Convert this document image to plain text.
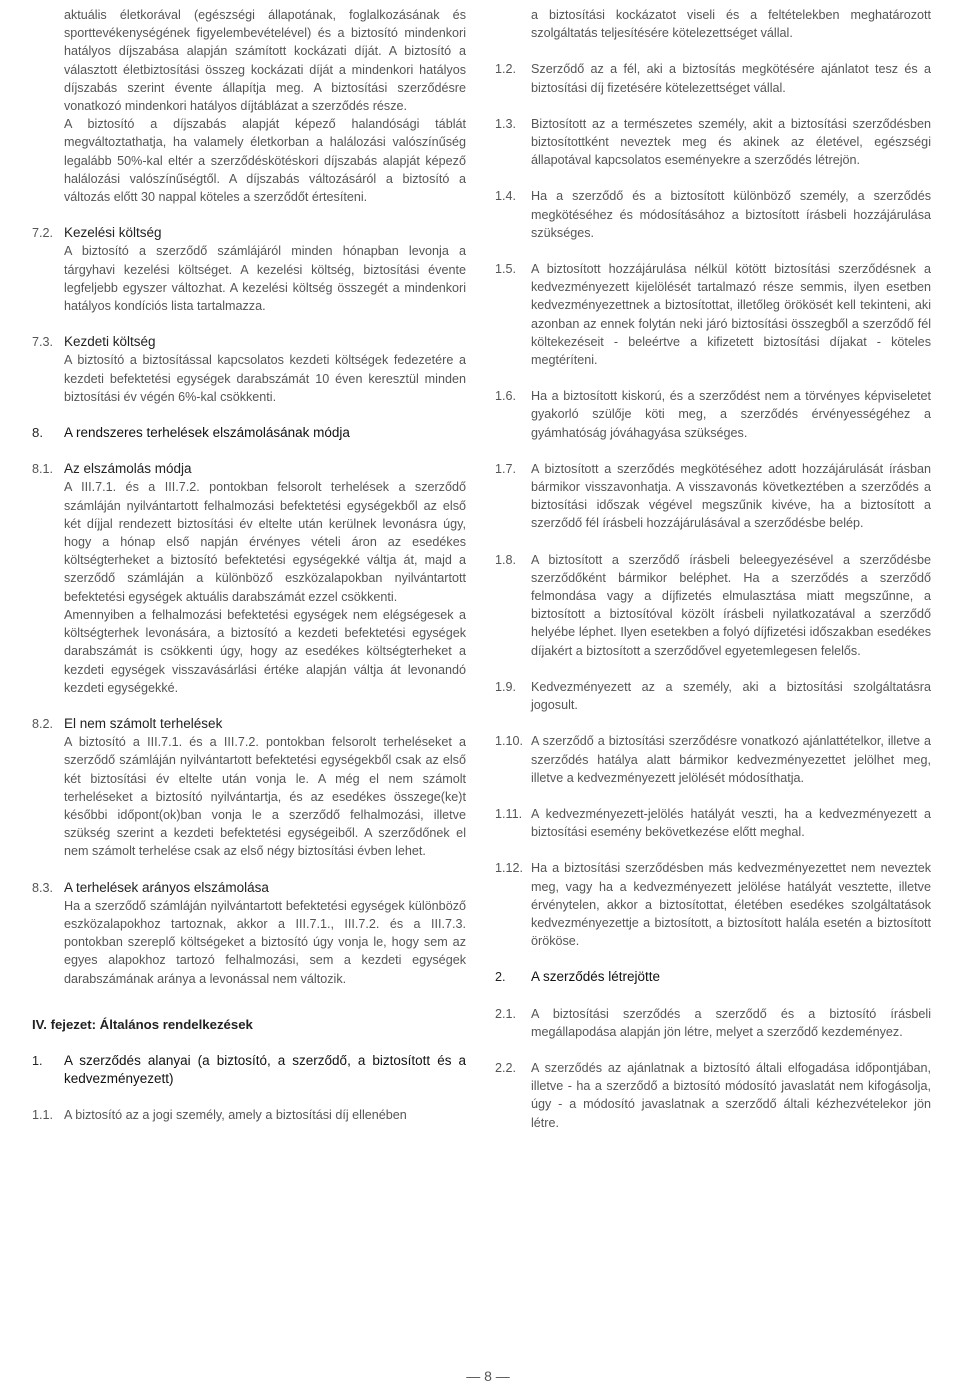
aktuális életkorával (egészségi állapotának, foglalkozásának és sporttevékenységének figyelembevételével) és a biztosító mindenkori hatályos díjszabása alapján számított kockázati díját. A biztosító a választott életbiztosítási összeg kockázati díját a mindenkori hatályos díjszabás szerint évente állapítja meg. A biztosítási szerződésre vonatkozó mindenkori hatályos díjtáblázat a szerződés része.

A biztosító a díjszabás alapját képező halandósági táblát megváltoztathatja, ha valamely életkorban a halálozási valószínűség legalább 50%-kal eltér a szerződéskötéskori díjszabás alapját képező halálozási valószínűségtől. A díjszabás változásáról a biztosító a változás előtt 30 nappal köteles a szerződőt értesíteni.

7.2. Kezelési költség

A biztosító a szerződő számlájáról minden hónapban levonja a tárgyhavi kezelési költséget. A kezelési költség, biztosítási évente legfeljebb egyszer változhat. A kezelési költség összegét a mindenkori hatályos kondíciós lista tartalmazza.

7.3. Kezdeti költség

A biztosító a biztosítással kapcsolatos kezdeti költségek fedezetére a kezdeti befektetési egységek darabszámát 10 éven keresztül minden biztosítási év végén 6%-kal csökkenti.

8.	A rendszeres terhelések elszámolásának módja

8.1. Az elszámolás módja

A III.7.1. és a III.7.2. pontokban felsorolt terhelések a szerződő számláján nyilvántartott felhalmozási befektetési egységekből az első két díjjal rendezett biztosítási év eltelte után kerülnek levonásra úgy, hogy a hónap első napján érvényes vételi áron az esedékes költségterheket a biztosító befektetési egységekké váltja át, majd a szerződő számláján a különböző eszközalapokban nyilvántartott befektetési egységek aktuális darabszámát ezzel csökkenti.

Amennyiben a felhalmozási befektetési egységek nem elégségesek a költségterhek levonására, a biztosító a kezdeti befektetési egységek darabszámát is csökkenti úgy, hogy az esedékes költségterheket a kezdeti egységek visszavásárlási értéke alapján váltja át levonandó kezdeti egységekké.

8.2. El nem számolt terhelések

A biztosító a III.7.1. és a III.7.2. pontokban felsorolt terheléseket a szerződő számláján nyilvántartott befektetési egységekből csak az első két biztosítási év eltelte után vonja le. A még el nem számolt terheléseket a biztosító nyilvántartja, és az esedékes összege(ke)t későbbi időpont(ok)ban vonja le a szerződő felhalmozási, illetve szükség szerint a kezdeti befektetési egységeiből. A szerződőnek el nem számolt terhelése csak az első négy biztosítási évben lehet.

8.3. A terhelések arányos elszámolása

Ha a szerződő számláján nyilvántartott befektetési egységek különböző eszközalapokhoz tartoznak, akkor a III.7.1., III.7.2. és a III.7.3. pontokban szereplő költségeket a biztosító úgy vonja le, hogy sem az egyes alapokhoz tartozó felhalmozási, sem a kezdeti egységek darabszámának aránya a levonással nem változik.

IV. fejezet: Általános rendelkezések

1.	A szerződés alanyai (a biztosító, a szerződő, a biztosított és a kedvezményezett)

1.1. A biztosító az a jogi személy, amely a biztosítási díj ellenében

a biztosítási kockázatot viseli és a feltételekben meghatározott szolgáltatás teljesítésére kötelezettséget vállal.

1.2.	Szerződő az a fél, aki a biztosítás megkötésére ajánlatot tesz és a biztosítási díj fizetésére kötelezettséget vállal.

1.3.	Biztosított az a természetes személy, akit a biztosítási szerződésben biztosítottként neveztek meg és akinek az életével, egészségi állapotával kapcsolatos eseményekre a szerződés létrejön.

1.4.	Ha a szerződő és a biztosított különböző személy, a szerződés megkötéséhez és módosításához a biztosított írásbeli hozzájárulása szükséges.

1.5.	A biztosított hozzájárulása nélkül kötött biztosítási szerződésnek a kedvezményezett kijelölését tartalmazó része semmis, ilyen esetben kedvezményezettnek a biztosítottat, illetőleg örökösét kell tekinteni, aki azonban az ennek folytán neki járó biztosítási összegből a szerződő fél költekezéseit - beleértve a kifizetett biztosítási díjakat - köteles megtéríteni.

1.6.	Ha a biztosított kiskorú, és a szerződést nem a törvényes képviseletet gyakorló szülője köti meg, a szerződés érvényességéhez a gyámhatóság jóváhagyása szükséges.

1.7.	A biztosított a szerződés megkötéséhez adott hozzájárulását írásban bármikor visszavonhatja. A visszavonás következtében a szerződés a biztosítási időszak végével megszűnik kivéve, ha a biztosított a szerződő fél írásbeli hozzájárulásával a szerződésbe belép.

1.8.	A biztosított a szerződő írásbeli beleegyezésével a szerződésbe szerződőként bármikor beléphet. Ha a szerződés a szerződő felmondása vagy a díjfizetés elmulasztása miatt megszűnne, a biztosított a biztosítóval közölt írásbeli nyilatkozatával a szerződő helyébe léphet. Ilyen esetekben a folyó díjfizetési időszakban esedékes díjakért a biztosított a szerződővel egyetemlegesen felelős.

1.9.	Kedvezményezett az a személy, aki a biztosítási szolgáltatásra jogosult.

1.10. A szerződő a biztosítási szerződésre vonatkozó ajánlattételkor, illetve a szerződés hatálya alatt bármikor kedvezményezettet jelölhet meg, illetve a kedvezményezett jelölését módosíthatja.

1.11. A kedvezményezett-jelölés hatályát veszti, ha a kedvezményezett a biztosítási esemény bekövetkezése előtt meghal.

1.12. Ha a biztosítási szerződésben más kedvezményezettet nem neveztek meg, vagy ha a kedvezményezett jelölése hatályát vesztette, illetve érvénytelen, akkor a biztosítottat, életében esedékes szolgáltatások kedvezményezettje a biztosított, a biztosított halála esetén a biztosított örököse.

2.	A szerződés létrejötte

2.1.	A biztosítási szerződés a szerződő és a biztosító írásbeli megállapodása alapján jön létre, melyet a szerződő kezdeményez.

2.2.	A szerződés az ajánlatnak a biztosító általi elfogadása időpontjában, illetve - ha a szerződő a biztosító módosító javaslatát nem kifogásolja, úgy - a módosító javaslatnak a szerződő általi kézhezvételekor jön létre.

— 8 —
